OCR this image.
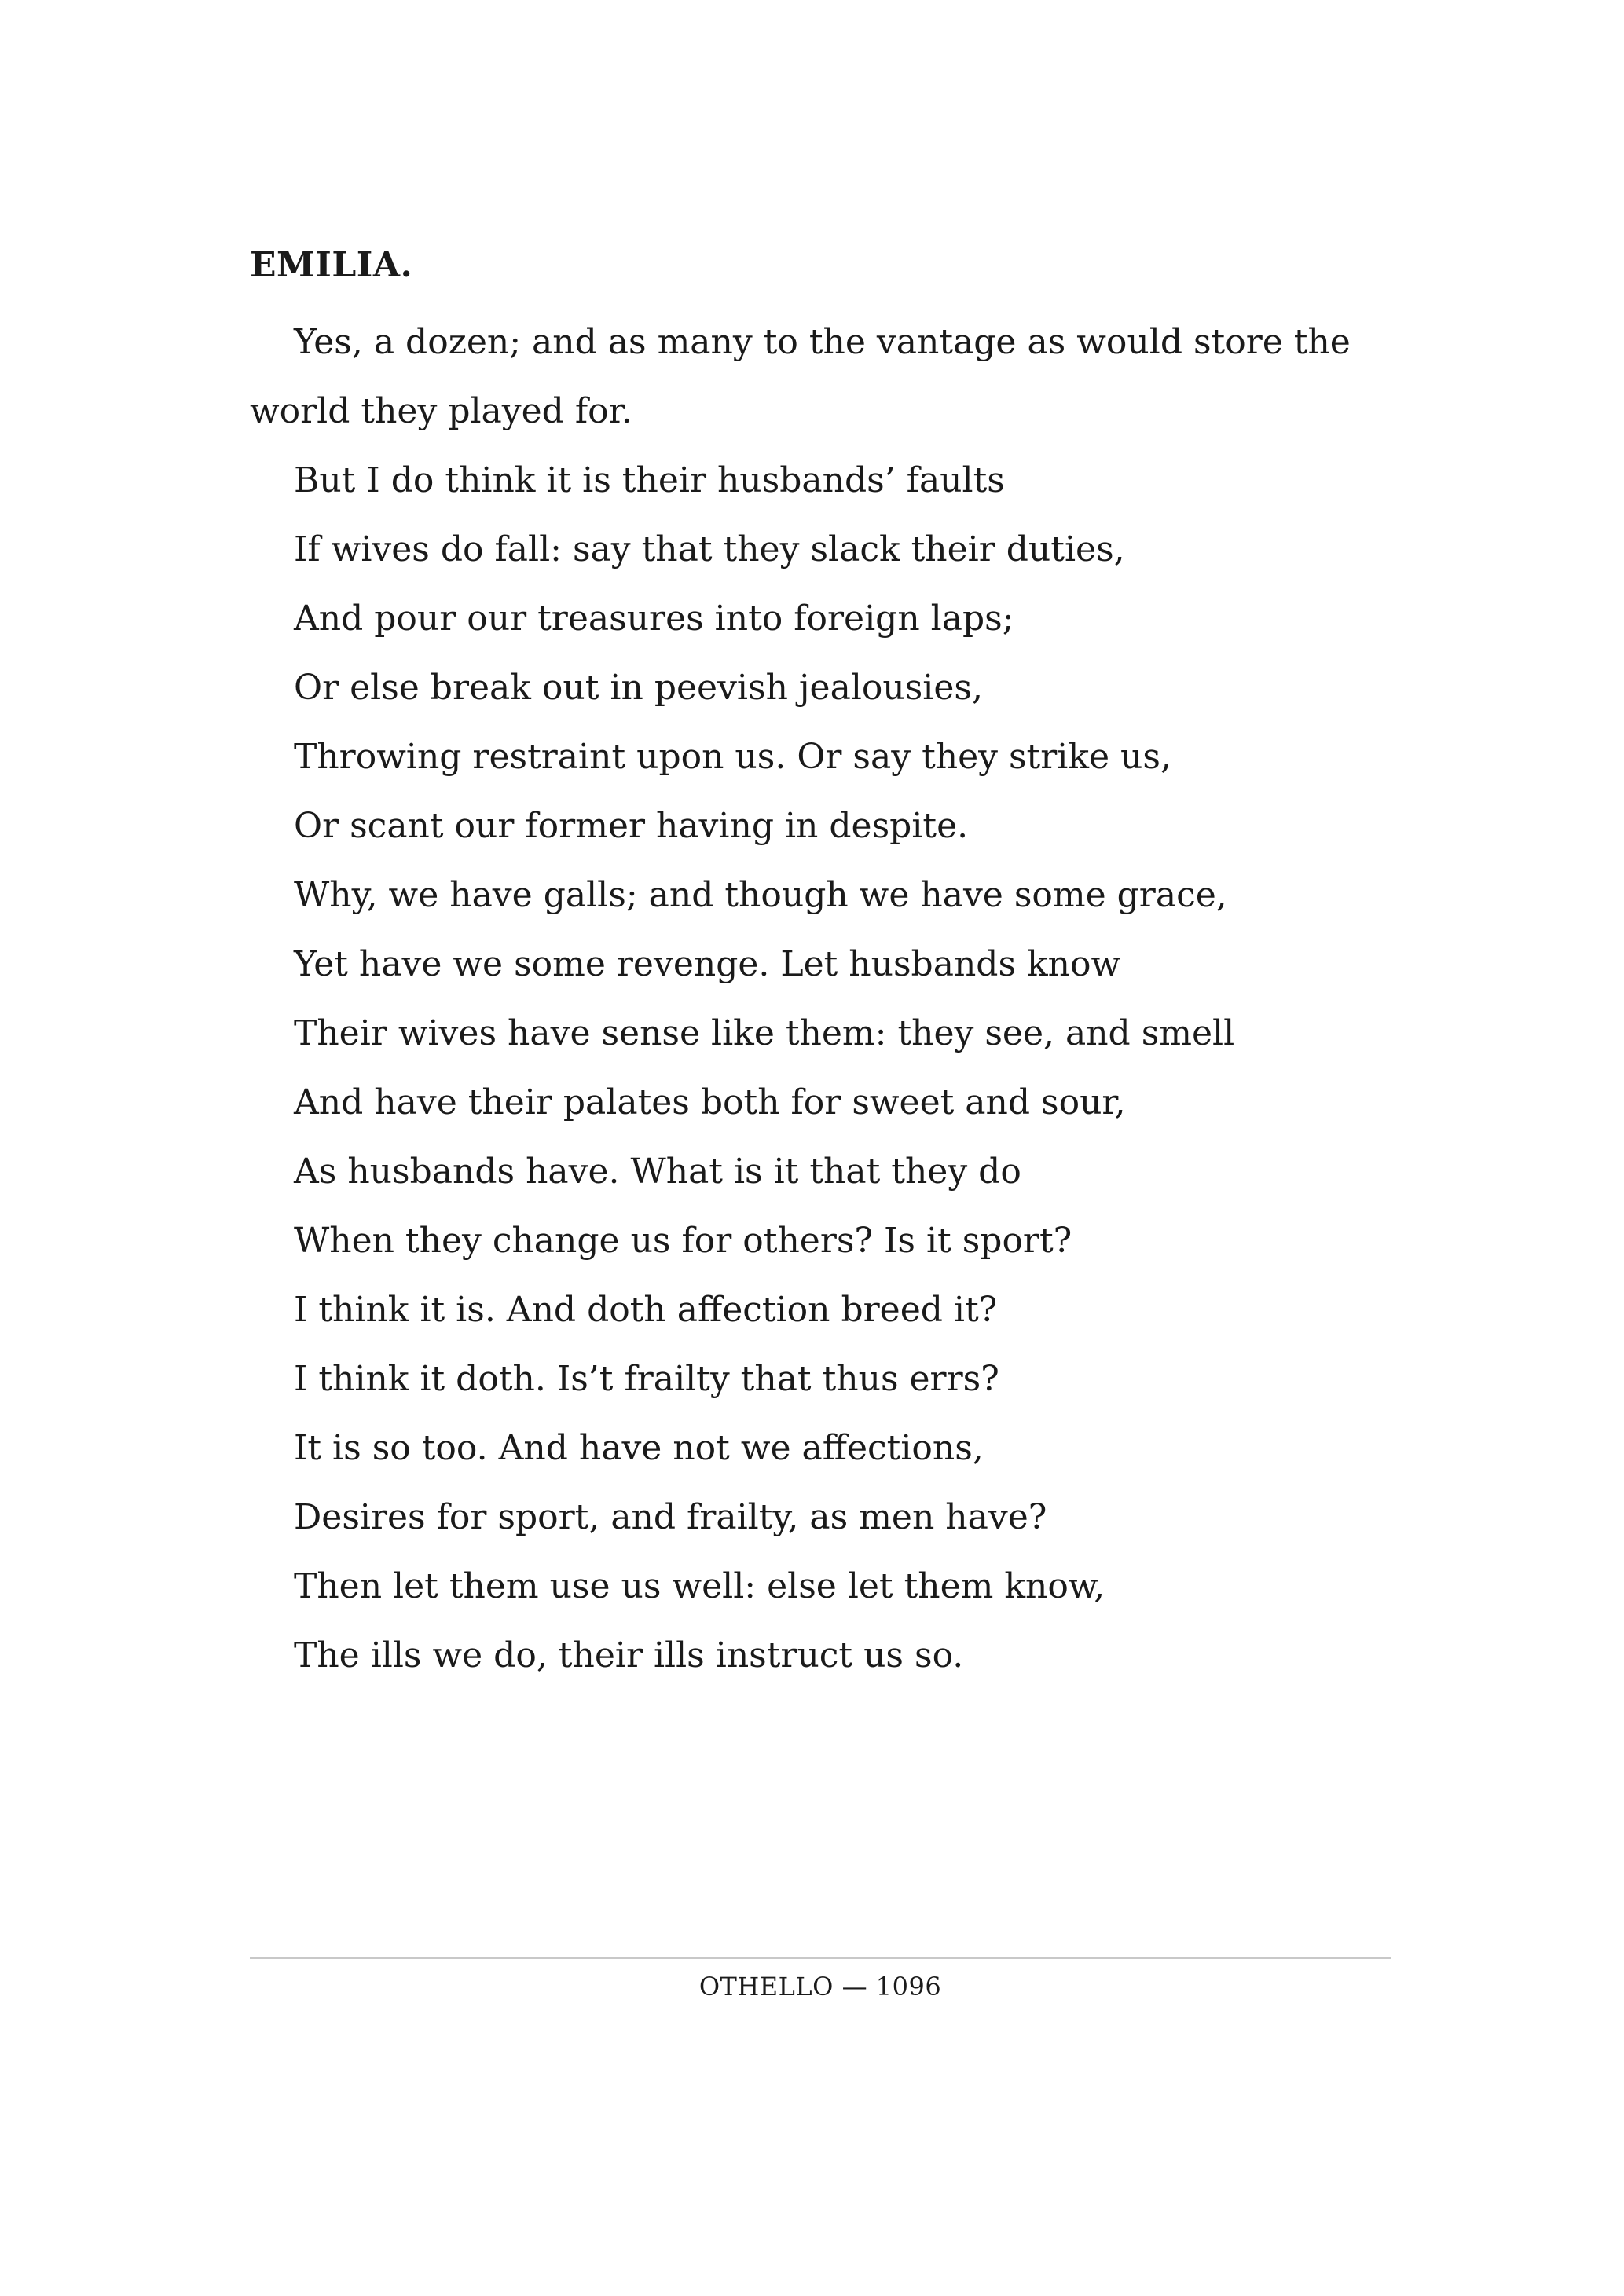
EMILIA.

Yes, a dozen; and as many to the vantage as would store the world they played for.

But I do think it is their husbands’ faults
If wives do fall: say that they slack their duties,
And pour our treasures into foreign laps;
Or else break out in peevish jealousies,
Throwing restraint upon us. Or say they strike us,
Or scant our former having in despite.
Why, we have galls; and though we have some grace,
Yet have we some revenge. Let husbands know
Their wives have sense like them: they see, and smell
And have their palates both for sweet and sour,
As husbands have. What is it that they do
When they change us for others? Is it sport?
I think it is. And doth affection breed it?
I think it doth. Is’t frailty that thus errs?
It is so too. And have not we affections,
Desires for sport, and frailty, as men have?
Then let them use us well: else let them know,
The ills we do, their ills instruct us so.
OTHELLO — 1096
